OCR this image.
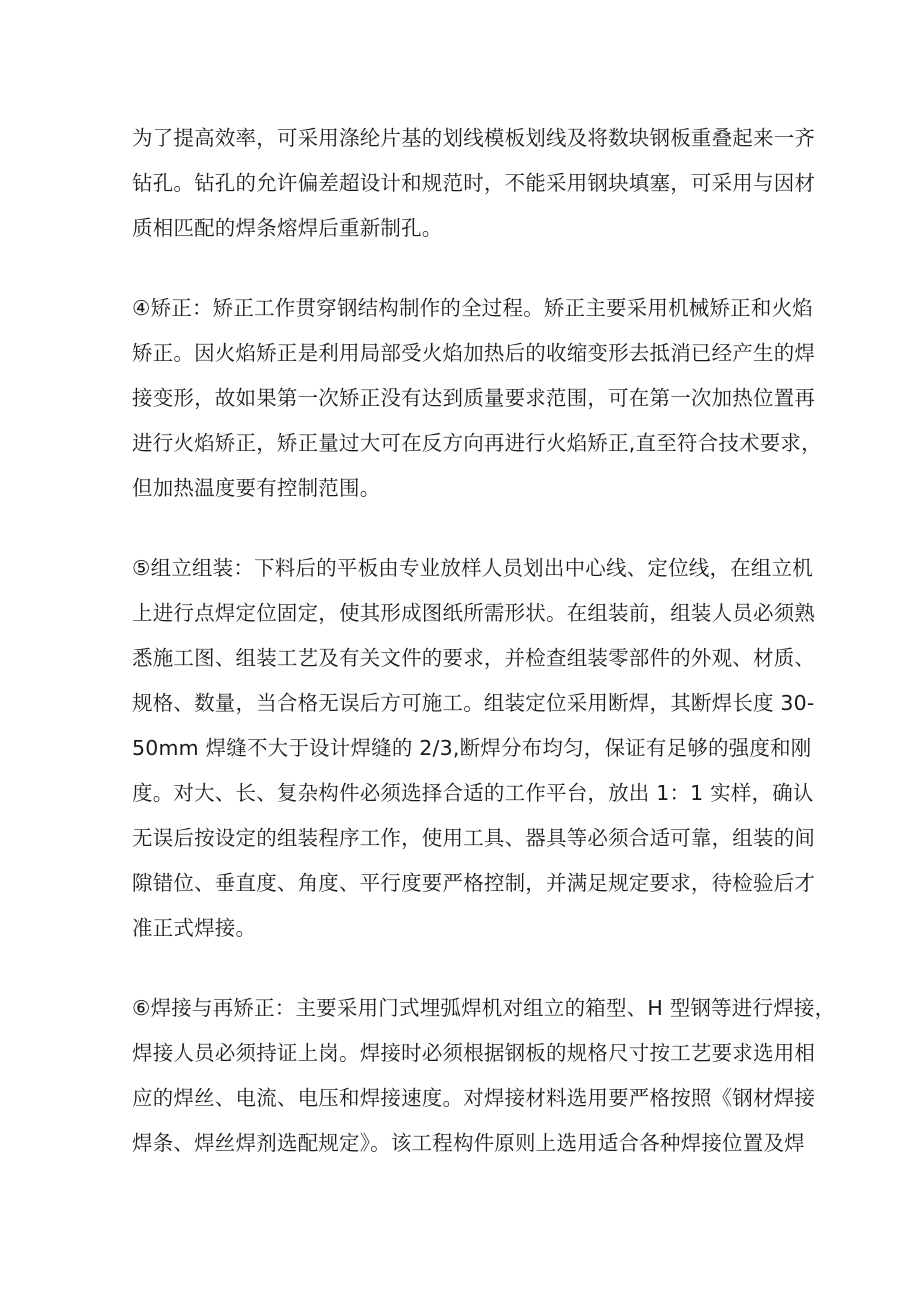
为了提高效率，可采用涤纶片基的划线模板划线及将数块钢板重叠起来一齐
钻孔。钻孔的允许偏差超设计和规范时，不能采用钢块填塞，可采用与因材
质相匹配的焊条熔焊后重新制孔。
④矫正：矫正工作贯穿钢结构制作的全过程。矫正主要采用机械矫正和火焰
矫正。因火焰矫正是利用局部受火焰加热后的收缩变形去抵消已经产生的焊
接变形，故如果第一次矫正没有达到质量要求范围，可在第一次加热位置再
进行火焰矫正，矫正量过大可在反方向再进行火焰矫正,直至符合技术要求，
但加热温度要有控制范围。
⑤组立组装：下料后的平板由专业放样人员划出中心线、定位线，在组立机
上进行点焊定位固定，使其形成图纸所需形状。在组装前，组装人员必须熟
悉施工图、组装工艺及有关文件的要求，并检查组装零部件的外观、材质、
规格、数量，当合格无误后方可施工。组装定位采用断焊，其断焊长度 30-
50mm 焊缝不大于设计焊缝的 2/3,断焊分布均匀，保证有足够的强度和刚
度。对大、长、复杂构件必须选择合适的工作平台，放出 1：1 实样，确认
无误后按设定的组装程序工作，使用工具、器具等必须合适可靠，组装的间
隙错位、垂直度、角度、平行度要严格控制，并满足规定要求，待检验后才
准正式焊接。
⑥焊接与再矫正：主要采用门式埋弧焊机对组立的箱型、H 型钢等进行焊接，
焊接人员必须持证上岗。焊接时必须根据钢板的规格尺寸按工艺要求选用相
应的焊丝、电流、电压和焊接速度。对焊接材料选用要严格按照《钢材焊接
焊条、焊丝焊剂选配规定》。该工程构件原则上选用适合各种焊接位置及焊
